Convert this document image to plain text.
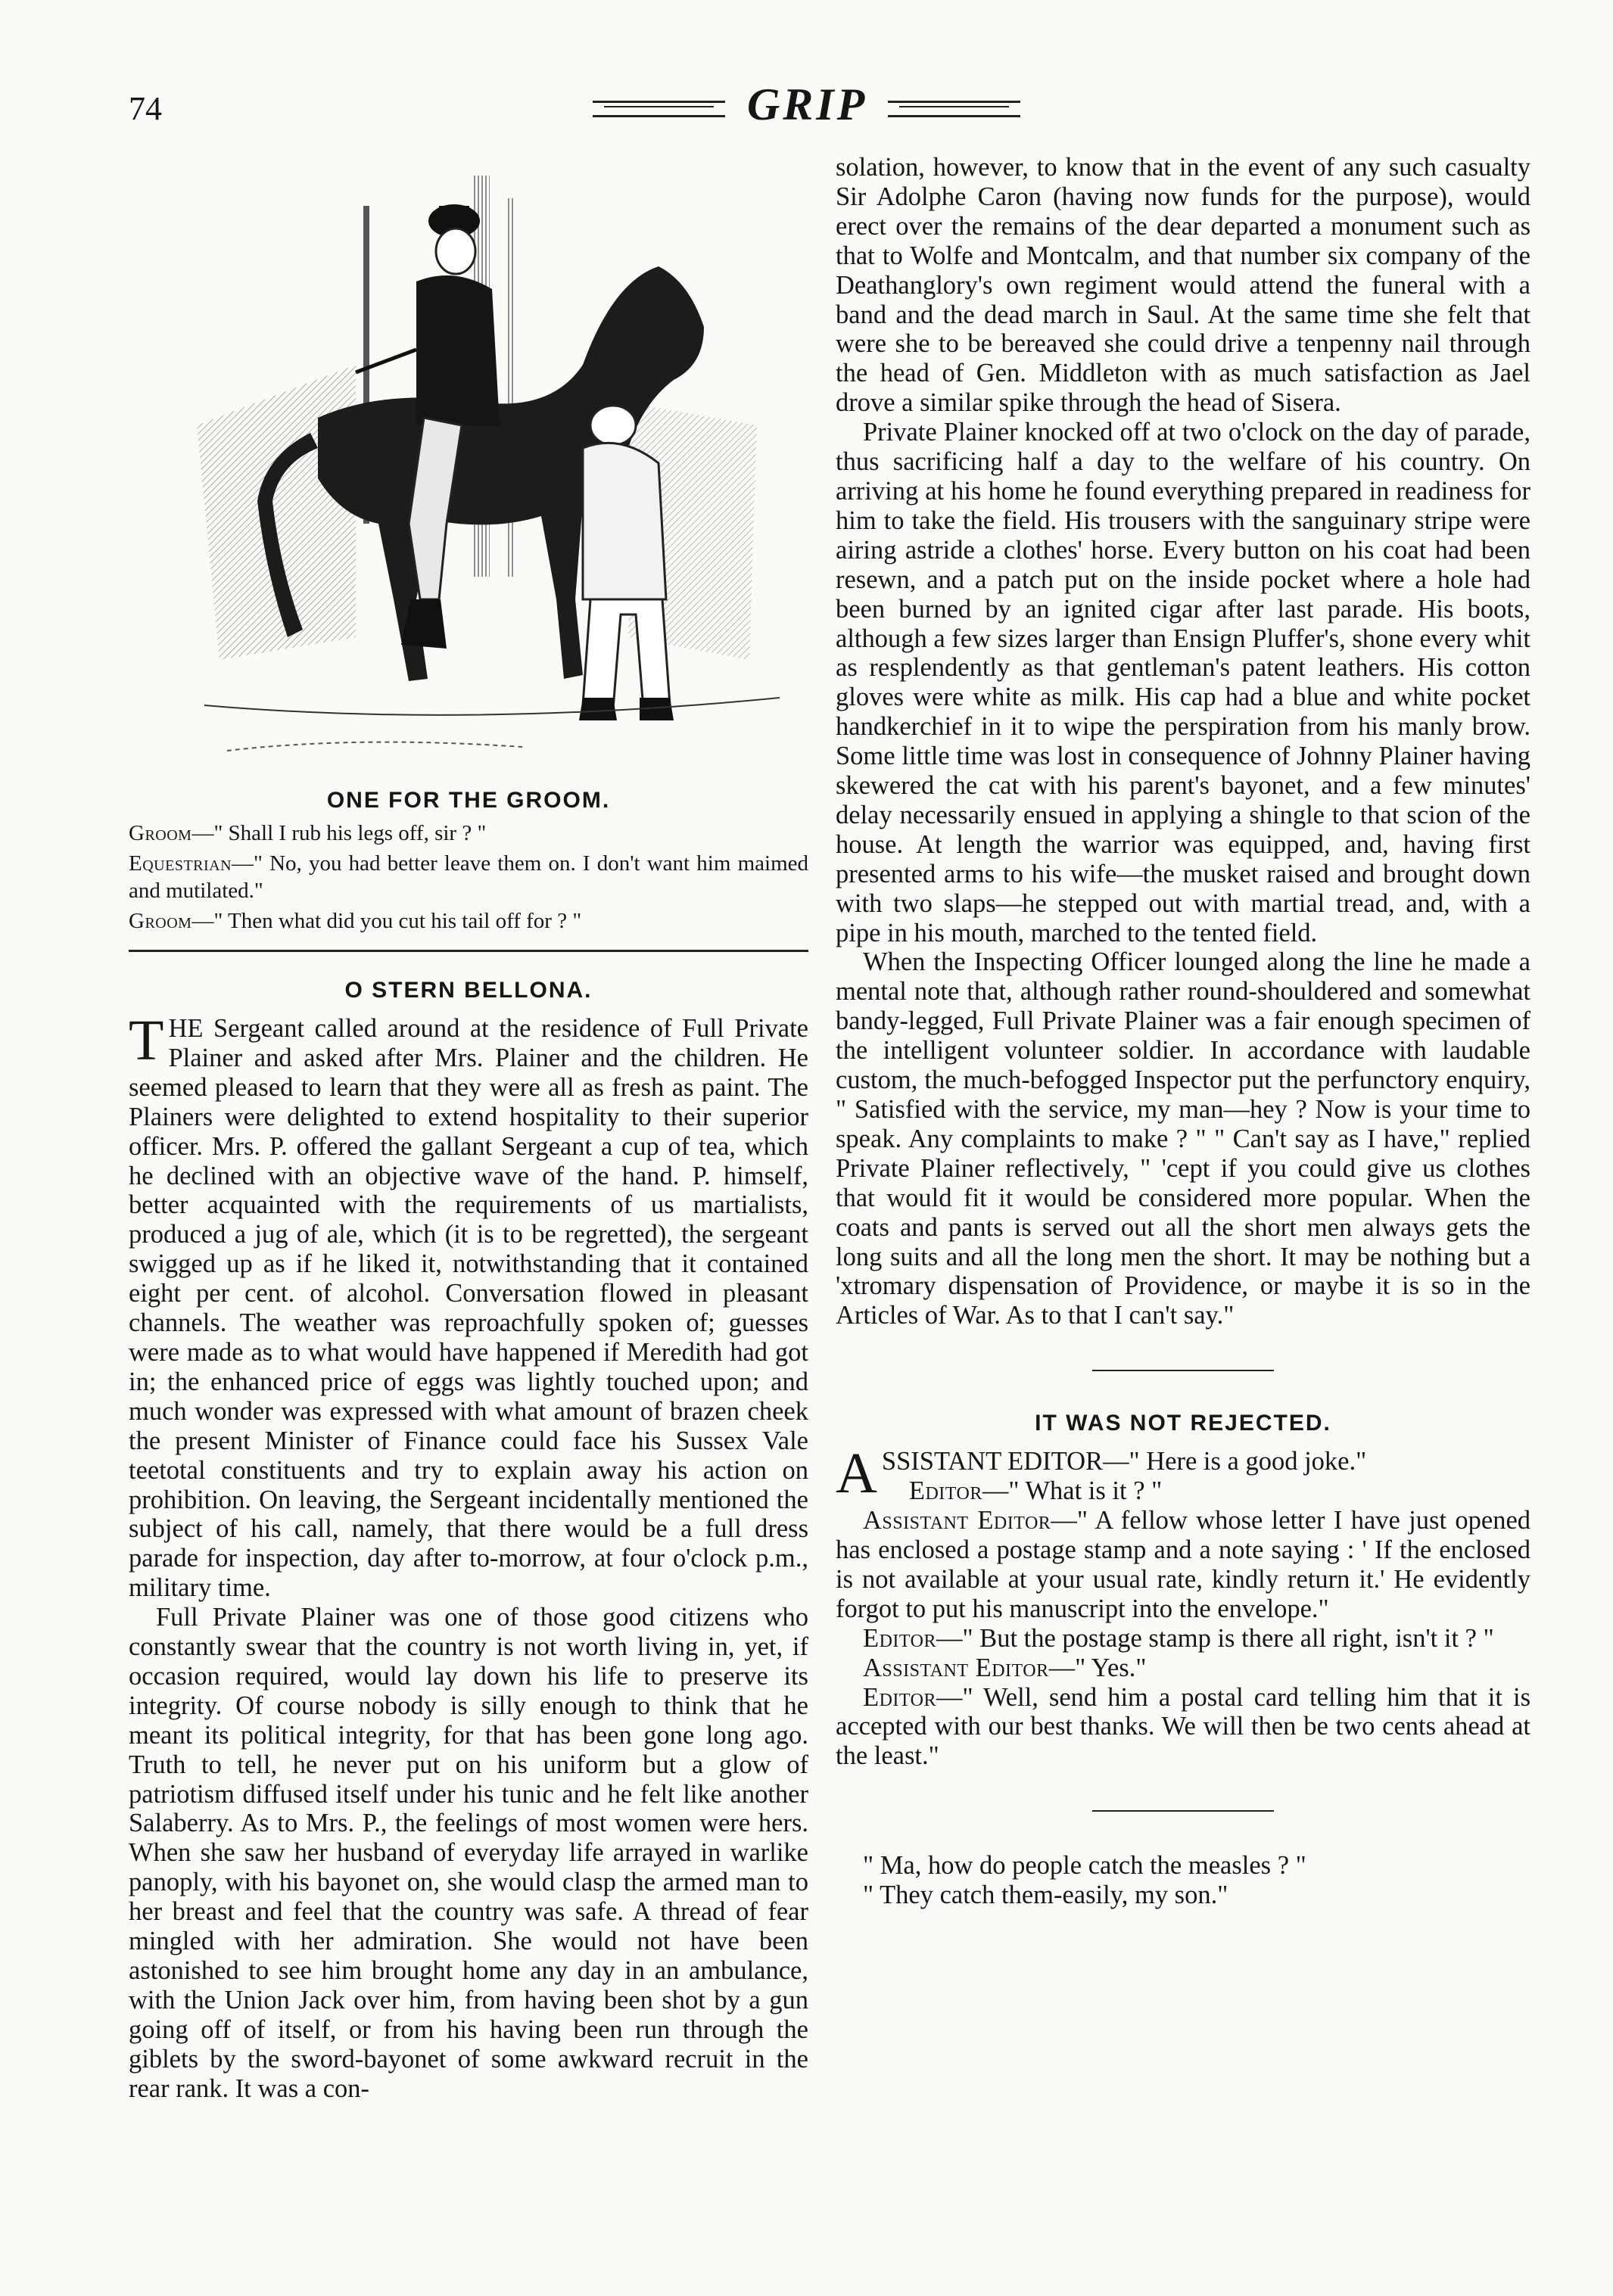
74	GRIP
ONE FOR THE GROOM.

Groom—" Shall I rub his legs off, sir ? "

Equestrian—" No, you had better leave them on. I don't want him maimed and mutilated."

Groom—" Then what did you cut his tail off for ? "

O STERN BELLONA.

THE Sergeant called around at the residence of Full Private Plainer and asked after Mrs. Plainer and the children. He seemed pleased to learn that they were all as fresh as paint. The Plainers were delighted to extend hospitality to their superior officer. Mrs. P. offered the gallant Sergeant a cup of tea, which he declined with an objective wave of the hand. P. himself, better acquainted with the requirements of us martialists, produced a jug of ale, which (it is to be regretted), the sergeant swigged up as if he liked it, notwithstanding that it contained eight per cent. of alcohol. Conversation flowed in pleasant channels. The weather was reproachfully spoken of; guesses were made as to what would have happened if Meredith had got in; the enhanced price of eggs was lightly touched upon; and much wonder was expressed with what amount of brazen cheek the present Minister of Finance could face his Sussex Vale teetotal constituents and try to explain away his action on prohibition. On leaving, the Sergeant incidentally mentioned the subject of his call, namely, that there would be a full dress parade for inspection, day after to-morrow, at four o'clock p.m., military time.

Full Private Plainer was one of those good citizens who constantly swear that the country is not worth living in, yet, if occasion required, would lay down his life to preserve its integrity. Of course nobody is silly enough to think that he meant its political integrity, for that has been gone long ago. Truth to tell, he never put on his uniform but a glow of patriotism diffused itself under his tunic and he felt like another Salaberry. As to Mrs. P., the feelings of most women were hers. When she saw her husband of everyday life arrayed in warlike panoply, with his bayonet on, she would clasp the armed man to her breast and feel that the country was safe. A thread of fear mingled with her admiration. She would not have been astonished to see him brought home any day in an ambulance, with the Union Jack over him, from having been shot by a gun going off of itself, or from his having been run through the giblets by the sword-bayonet of some awkward recruit in the rear rank. It was a con-

solation, however, to know that in the event of any such casualty Sir Adolphe Caron (having now funds for the purpose), would erect over the remains of the dear departed a monument such as that to Wolfe and Montcalm, and that number six company of the Deathanglory's own regiment would attend the funeral with a band and the dead march in Saul. At the same time she felt that were she to be bereaved she could drive a tenpenny nail through the head of Gen. Middleton with as much satisfaction as Jael drove a similar spike through the head of Sisera.

Private Plainer knocked off at two o'clock on the day of parade, thus sacrificing half a day to the welfare of his country. On arriving at his home he found everything prepared in readiness for him to take the field. His trousers with the sanguinary stripe were airing astride a clothes' horse. Every button on his coat had been resewn, and a patch put on the inside pocket where a hole had been burned by an ignited cigar after last parade. His boots, although a few sizes larger than Ensign Pluffer's, shone every whit as resplendently as that gentleman's patent leathers. His cotton gloves were white as milk. His cap had a blue and white pocket handkerchief in it to wipe the perspiration from his manly brow. Some little time was lost in consequence of Johnny Plainer having skewered the cat with his parent's bayonet, and a few minutes' delay necessarily ensued in applying a shingle to that scion of the house. At length the warrior was equipped, and, having first presented arms to his wife—the musket raised and brought down with two slaps—he stepped out with martial tread, and, with a pipe in his mouth, marched to the tented field.

When the Inspecting Officer lounged along the line he made a mental note that, although rather round-shouldered and somewhat bandy-legged, Full Private Plainer was a fair enough specimen of the intelligent volunteer soldier. In accordance with laudable custom, the much-befogged Inspector put the perfunctory enquiry, " Satisfied with the service, my man—hey ? Now is your time to speak. Any complaints to make ? " " Can't say as I have," replied Private Plainer reflectively, " 'cept if you could give us clothes that would fit it would be considered more popular. When the coats and pants is served out all the short men always gets the long suits and all the long men the short. It may be nothing but a 'xtromary dispensation of Providence, or maybe it is so in the Articles of War. As to that I can't say."

IT WAS NOT REJECTED.

ASSISTANT EDITOR—" Here is a good joke."

Editor—" What is it ? "

Assistant Editor—" A fellow whose letter I have just opened has enclosed a postage stamp and a note saying : ' If the enclosed is not available at your usual rate, kindly return it.' He evidently forgot to put his manuscript into the envelope."

Editor—" But the postage stamp is there all right, isn't it ? "

Assistant Editor—" Yes."

Editor—" Well, send him a postal card telling him that it is accepted with our best thanks. We will then be two cents ahead at the least."

" Ma, how do people catch the measles ? "

" They catch them-easily, my son."
